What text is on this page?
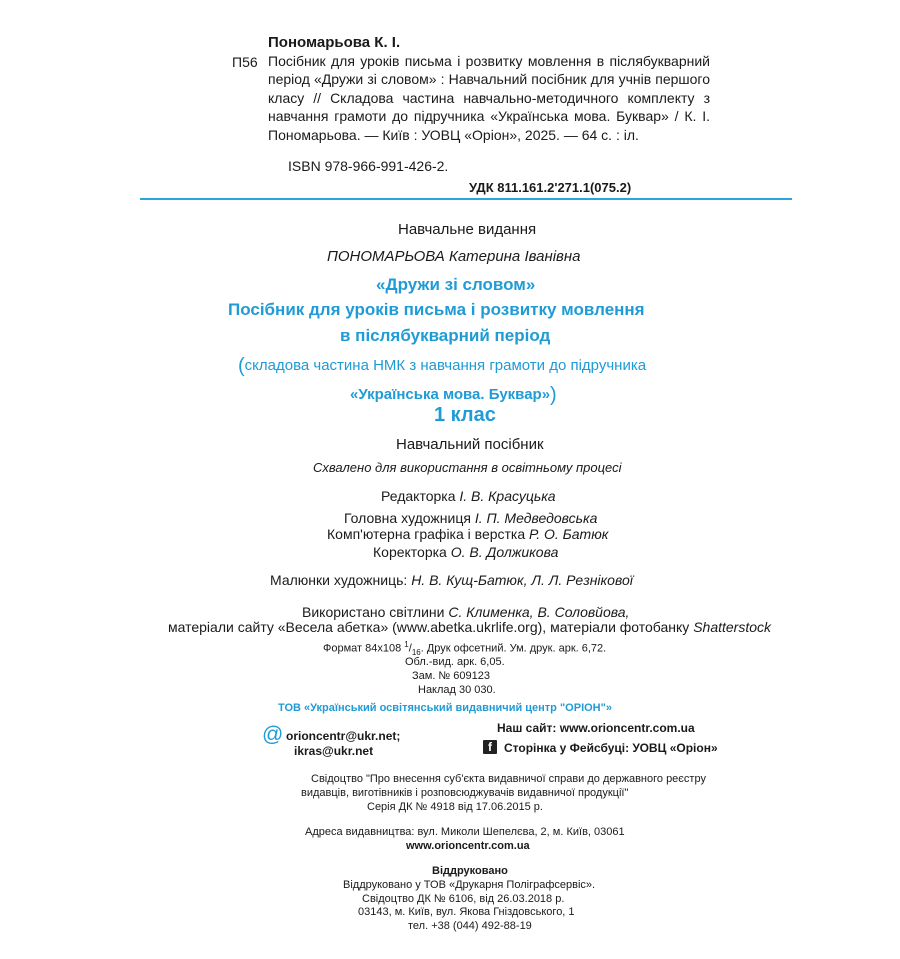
Пономарьова К. І.
П56 Посібник для уроків письма і розвитку мовлення в післябукварний період «Дружи зі словом» : Навчальний посібник для учнів першого класу // Складова частина навчально-методичного комплекту з навчання грамоти до підручника «Українська мова. Буквар» / К. І. Пономарьова. — Київ : УОВЦ «Оріон», 2025. — 64 с. : іл.
ISBN 978-966-991-426-2.
УДК 811.161.2'271.1(075.2)
Навчальне видання
ПОНОМАРЬОВА Катерина Іванівна
«Дружи зі словом»
Посібник для уроків письма і розвитку мовлення
в післябукварний період
(складова частина НМК з навчання грамоти до підручника
«Українська мова. Буквар»)
1 клас
Навчальний посібник
Схвалено для використання в освітньому процесі
Редакторка І. В. Красуцька
Головна художниця І. П. Медведовська
Комп'ютерна графіка і верстка Р. О. Батюк
Коректорка О. В. Должикова
Малюнки художниць: Н. В. Кущ-Батюк, Л. Л. Рeзнікової
Використано світлини С. Клименка, В. Соловйова,
матеріали сайту «Весела абетка» (www.abetka.ukrlife.org), матеріали фотобанку Shatterstock
Формат 84x108 $^1/_{16}$. Друк офсетний. Ум. друк. арк. 6,72.
Обл.-вид. арк. 6,05.
Зам. № 609123
Наклад 30 030.
ТОВ «Український освітянський видавничий центр "ОРІОН"»
@ orioncentr@ukr.net;
ikras@ukr.net
Наш сайт: www.orioncentr.com.ua
f	Сторінка у Фейсбуці: УОВЦ «Оріон»
Свідоцтво "Про внесення суб'єкта видавничої справи до державного реєстру
видавців, виготівників і розповсюджувачів видавничої продукції"
Серія ДК № 4918 від 17.06.2015 р.
Адреса видавництва: вул. Миколи Шепелєва, 2, м. Київ, 03061
www.orioncentr.com.ua
Віддруковано
Віддруковано у ТОВ «Друкарня Поліграфсервіс».
Свідоцтво ДК № 6106, від 26.03.2018 р.
03143, м. Київ, вул. Якова Гніздовського, 1
тел. +38 (044) 492-88-19
